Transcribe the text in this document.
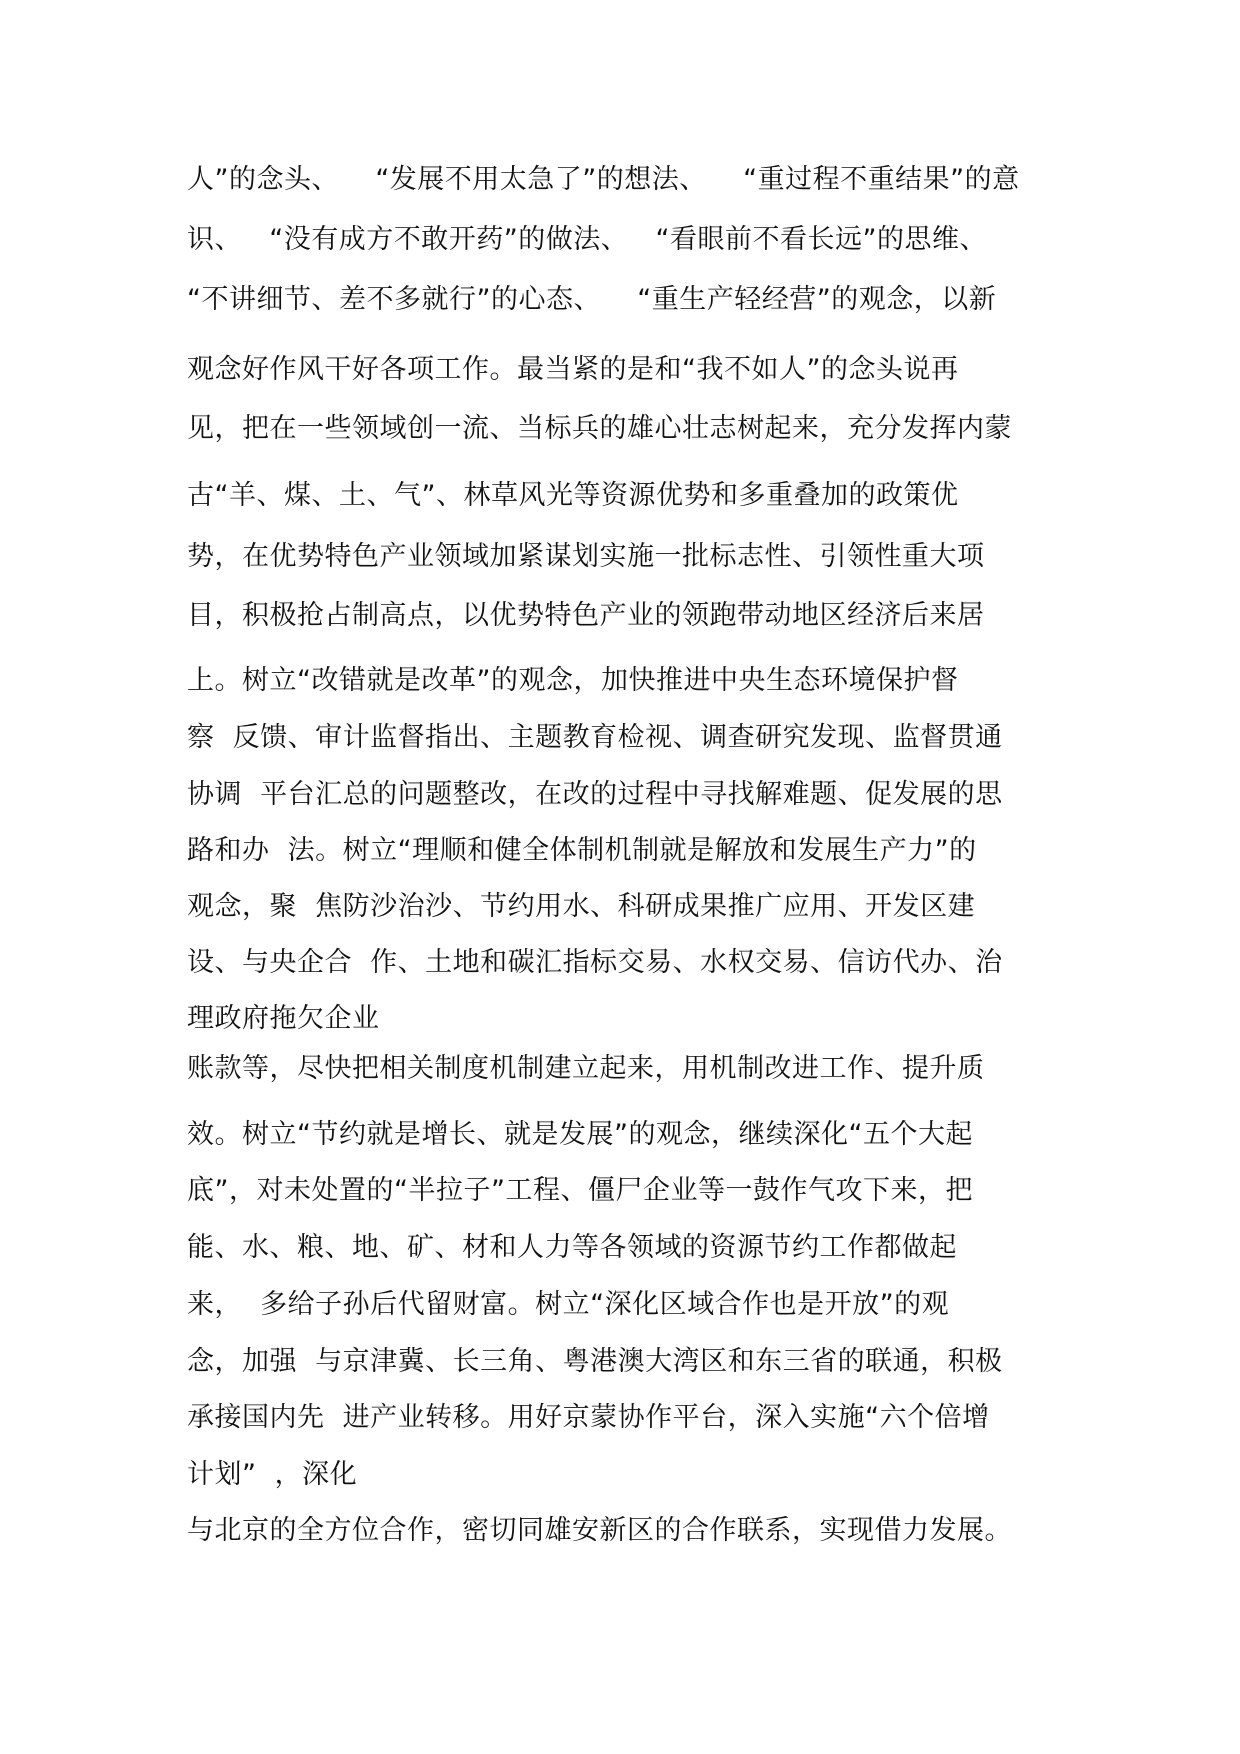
人”的念头、    “发展不用太急了”的想法、    “重过程不重结果”的意
识、   “没有成方不敢开药”的做法、   “看眼前不看长远”的思维、
“不讲细节、差不多就行”的心态、    “重生产轻经营”的观念，以新
观念好作风干好各项工作。最当紧的是和“我不如人”的念头说再
见，把在一些领域创一流、当标兵的雄心壮志树起来，充分发挥内蒙
古“羊、煤、土、气”、林草风光等资源优势和多重叠加的政策优
势，在优势特色产业领域加紧谋划实施一批标志性、引领性重大项
目，积极抢占制高点，以优势特色产业的领跑带动地区经济后来居
上。树立“改错就是改革”的观念，加快推进中央生态环境保护督
察  反馈、审计监督指出、主题教育检视、调查研究发现、监督贯通
协调  平台汇总的问题整改，在改的过程中寻找解难题、促发展的思
路和办  法。树立“理顺和健全体制机制就是解放和发展生产力”的
观念，聚  焦防沙治沙、节约用水、科研成果推广应用、开发区建
设、与央企合  作、土地和碳汇指标交易、水权交易、信访代办、治
理政府拖欠企业
账款等，尽快把相关制度机制建立起来，用机制改进工作、提升质
效。树立“节约就是增长、就是发展”的观念，继续深化“五个大起
底”，对未处置的“半拉子”工程、僵尸企业等一鼓作气攻下来，把
能、水、粮、地、矿、材和人力等各领域的资源节约工作都做起
来，  多给子孙后代留财富。树立“深化区域合作也是开放”的观
念，加强  与京津冀、长三角、粤港澳大湾区和东三省的联通，积极
承接国内先  进产业转移。用好京蒙协作平台，深入实施“六个倍增
计划”  ，深化
与北京的全方位合作，密切同雄安新区的合作联系，实现借力发展。
